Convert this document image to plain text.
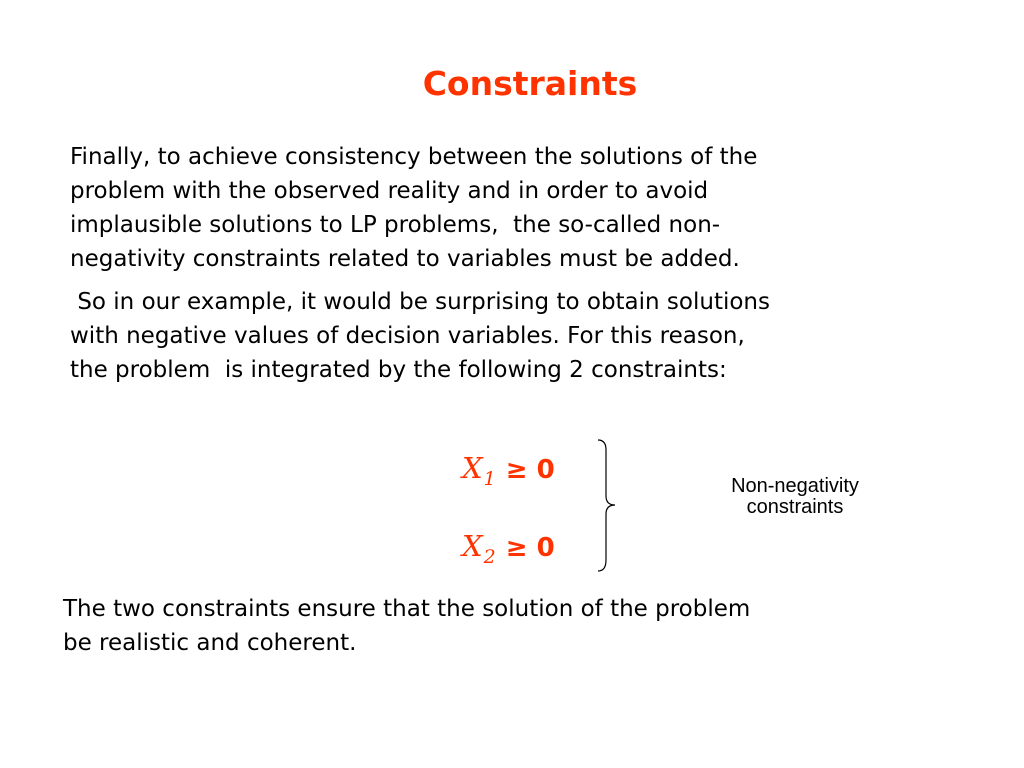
Constraints
Finally, to achieve consistency between the solutions of the
problem with the observed reality and in order to avoid
implausible solutions to LP problems,  the so-called non-
negativity constraints related to variables must be added.
So in our example, it would be surprising to obtain solutions
with negative values of decision variables. For this reason,
the problem  is integrated by the following 2 constraints:
$X_1 \ge 0$
$X_2 \ge 0$
Non-negativity
constraints
The two constraints ensure that the solution of the problem
be realistic and coherent.
